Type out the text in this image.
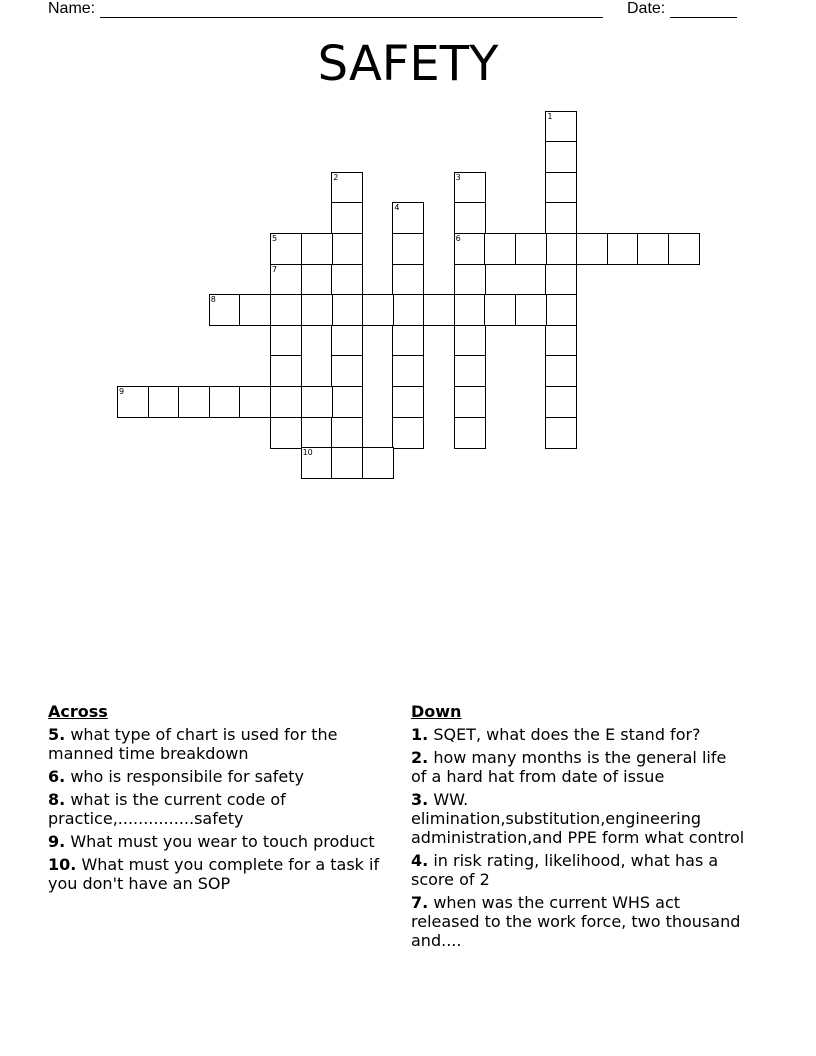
Name:	Date:
SAFETY
1
2	3
6
4
5
7
8
9
10
Across
5. what type of chart is used for the manned time breakdown
6. who is responsibile for safety
8. what is the current code of practice,...............safety
9. What must you wear to touch product
10. What must you complete for a task if you don't have an SOP
Down
1. SQET, what does the E stand for?
2. how many months is the general life of a hard hat from date of issue
3. WW. elimination,substitution,engineering administration,and PPE form what control
4. in risk rating, likelihood, what has a score of 2
7. when was the current WHS act released to the work force, two thousand and....
